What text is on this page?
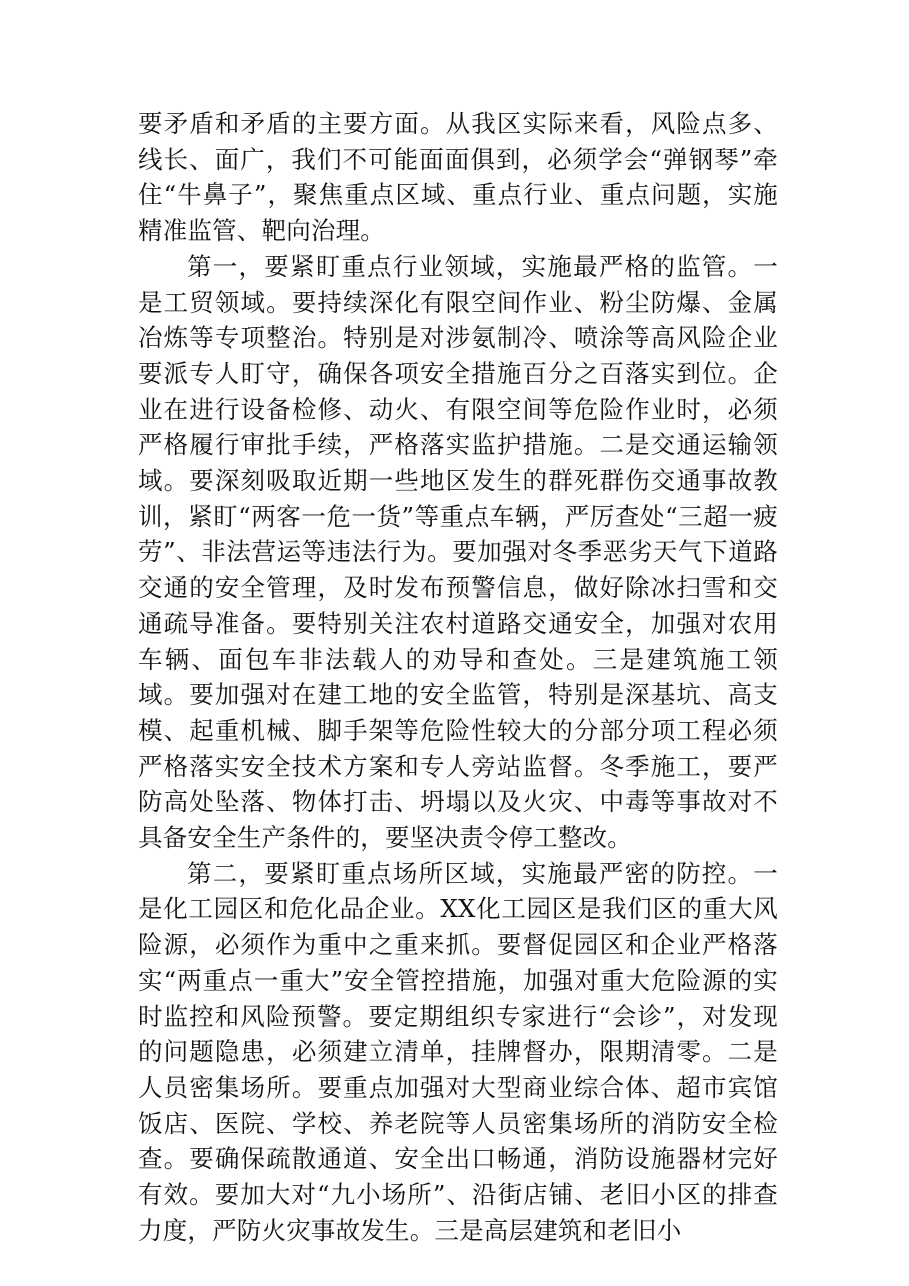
要矛盾和矛盾的主要方面。从我区实际来看，风险点多、线长、面广，我们不可能面面俱到，必须学会“弹钢琴”牵住“牛鼻子”，聚焦重点区域、重点行业、重点问题，实施精准监管、靶向治理。

第一，要紧盯重点行业领域，实施最严格的监管。一是工贸领域。要持续深化有限空间作业、粉尘防爆、金属冶炼等专项整治。特别是对涉氨制冷、喷涂等高风险企业要派专人盯守，确保各项安全措施百分之百落实到位。企业在进行设备检修、动火、有限空间等危险作业时，必须严格履行审批手续，严格落实监护措施。二是交通运输领域。要深刻吸取近期一些地区发生的群死群伤交通事故教训，紧盯“两客一危一货”等重点车辆，严厉查处“三超一疲劳”、非法营运等违法行为。要加强对冬季恶劣天气下道路交通的安全管理，及时发布预警信息，做好除冰扫雪和交通疏导准备。要特别关注农村道路交通安全，加强对农用车辆、面包车非法载人的劝导和查处。三是建筑施工领域。要加强对在建工地的安全监管，特别是深基坑、高支模、起重机械、脚手架等危险性较大的分部分项工程必须严格落实安全技术方案和专人旁站监督。冬季施工，要严防高处坠落、物体打击、坍塌以及火灾、中毒等事故对不具备安全生产条件的，要坚决责令停工整改。

第二，要紧盯重点场所区域，实施最严密的防控。一是化工园区和危化品企业。XX化工园区是我们区的重大风险源，必须作为重中之重来抓。要督促园区和企业严格落实“两重点一重大”安全管控措施，加强对重大危险源的实时监控和风险预警。要定期组织专家进行“会诊”，对发现的问题隐患，必须建立清单，挂牌督办，限期清零。二是人员密集场所。要重点加强对大型商业综合体、超市宾馆饭店、医院、学校、养老院等人员密集场所的消防安全检查。要确保疏散通道、安全出口畅通，消防设施器材完好有效。要加大对“九小场所”、沿街店铺、老旧小区的排查力度，严防火灾事故发生。三是高层建筑和老旧小
